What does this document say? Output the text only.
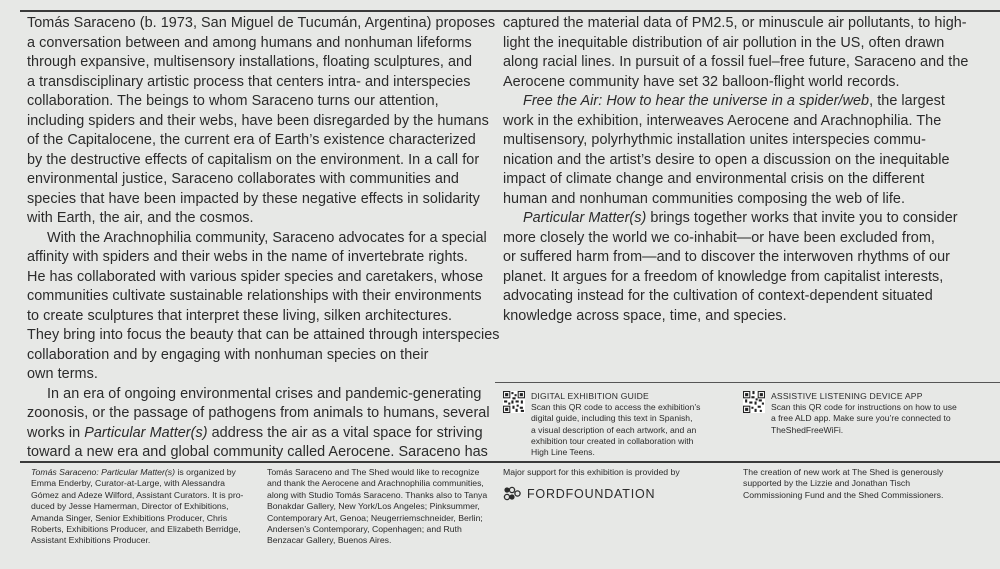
Tomás Saraceno (b. 1973, San Miguel de Tucumán, Argentina) proposes
a conversation between and among humans and nonhuman lifeforms
through expansive, multisensory installations, floating sculptures, and
a transdisciplinary artistic process that centers intra- and interspecies
collaboration. The beings to whom Saraceno turns our attention,
including spiders and their webs, have been disregarded by the humans
of the Capitalocene, the current era of Earth’s existence characterized
by the destructive effects of capitalism on the environment. In a call for
environmental justice, Saraceno collaborates with communities and
species that have been impacted by these negative effects in solidarity
with Earth, the air, and the cosmos.

With the Arachnophilia community, Saraceno advocates for a special
affinity with spiders and their webs in the name of invertebrate rights.
He has collaborated with various spider species and caretakers, whose
communities cultivate sustainable relationships with their environments
to create sculptures that interpret these living, silken architectures.
They bring into focus the beauty that can be attained through interspecies
collaboration and by engaging with nonhuman species on their
own terms.

In an era of ongoing environmental crises and pandemic-generating
zoonosis, or the passage of pathogens from animals to humans, several
works in Particular Matter(s) address the air as a vital space for striving
toward a new era and global community called Aerocene. Saraceno has

captured the material data of PM2.5, or minuscule air pollutants, to high-
light the inequitable distribution of air pollution in the US, often drawn
along racial lines. In pursuit of a fossil fuel–free future, Saraceno and the
Aerocene community have set 32 balloon-flight world records.

Free the Air: How to hear the universe in a spider/web, the largest
work in the exhibition, interweaves Aerocene and Arachnophilia. The
multisensory, polyrhythmic installation unites interspecies commu-
nication and the artist’s desire to open a discussion on the inequitable
impact of climate change and environmental crisis on the different
human and nonhuman communities composing the web of life.

Particular Matter(s) brings together works that invite you to consider
more closely the world we co-inhabit—or have been excluded from,
or suffered harm from—and to discover the interwoven rhythms of our
planet. It argues for a freedom of knowledge from capitalist interests,
advocating instead for the cultivation of context-dependent situated
knowledge across space, time, and species.

DIGITAL EXHIBITION GUIDE
Scan this QR code to access the exhibition’s
digital guide, including this text in Spanish,
a visual description of each artwork, and an
exhibition tour created in collaboration with
High Line Teens.
ASSISTIVE LISTENING DEVICE APP
Scan this QR code for instructions on how to use
a free ALD app. Make sure you’re connected to
TheShedFreeWiFi.
Tomás Saraceno: Particular Matter(s) is organized by
Emma Enderby, Curator-at-Large, with Alessandra
Gómez and Adeze Wilford, Assistant Curators. It is pro-
duced by Jesse Hamerman, Director of Exhibitions,
Amanda Singer, Senior Exhibitions Producer, Chris
Roberts, Exhibitions Producer, and Elizabeth Berridge,
Assistant Exhibitions Producer.
Tomás Saraceno and The Shed would like to recognize
and thank the Aerocene and Arachnophilia communities,
along with Studio Tomás Saraceno. Thanks also to Tanya
Bonakdar Gallery, New York/Los Angeles; Pinksummer,
Contemporary Art, Genoa; Neugerriemschneider, Berlin;
Andersen’s Contemporary, Copenhagen; and Ruth
Benzacar Gallery, Buenos Aires.
Major support for this exhibition is provided by
FORDFOUNDATION
The creation of new work at The Shed is generously
supported by the Lizzie and Jonathan Tisch
Commissioning Fund and the Shed Commissioners.
